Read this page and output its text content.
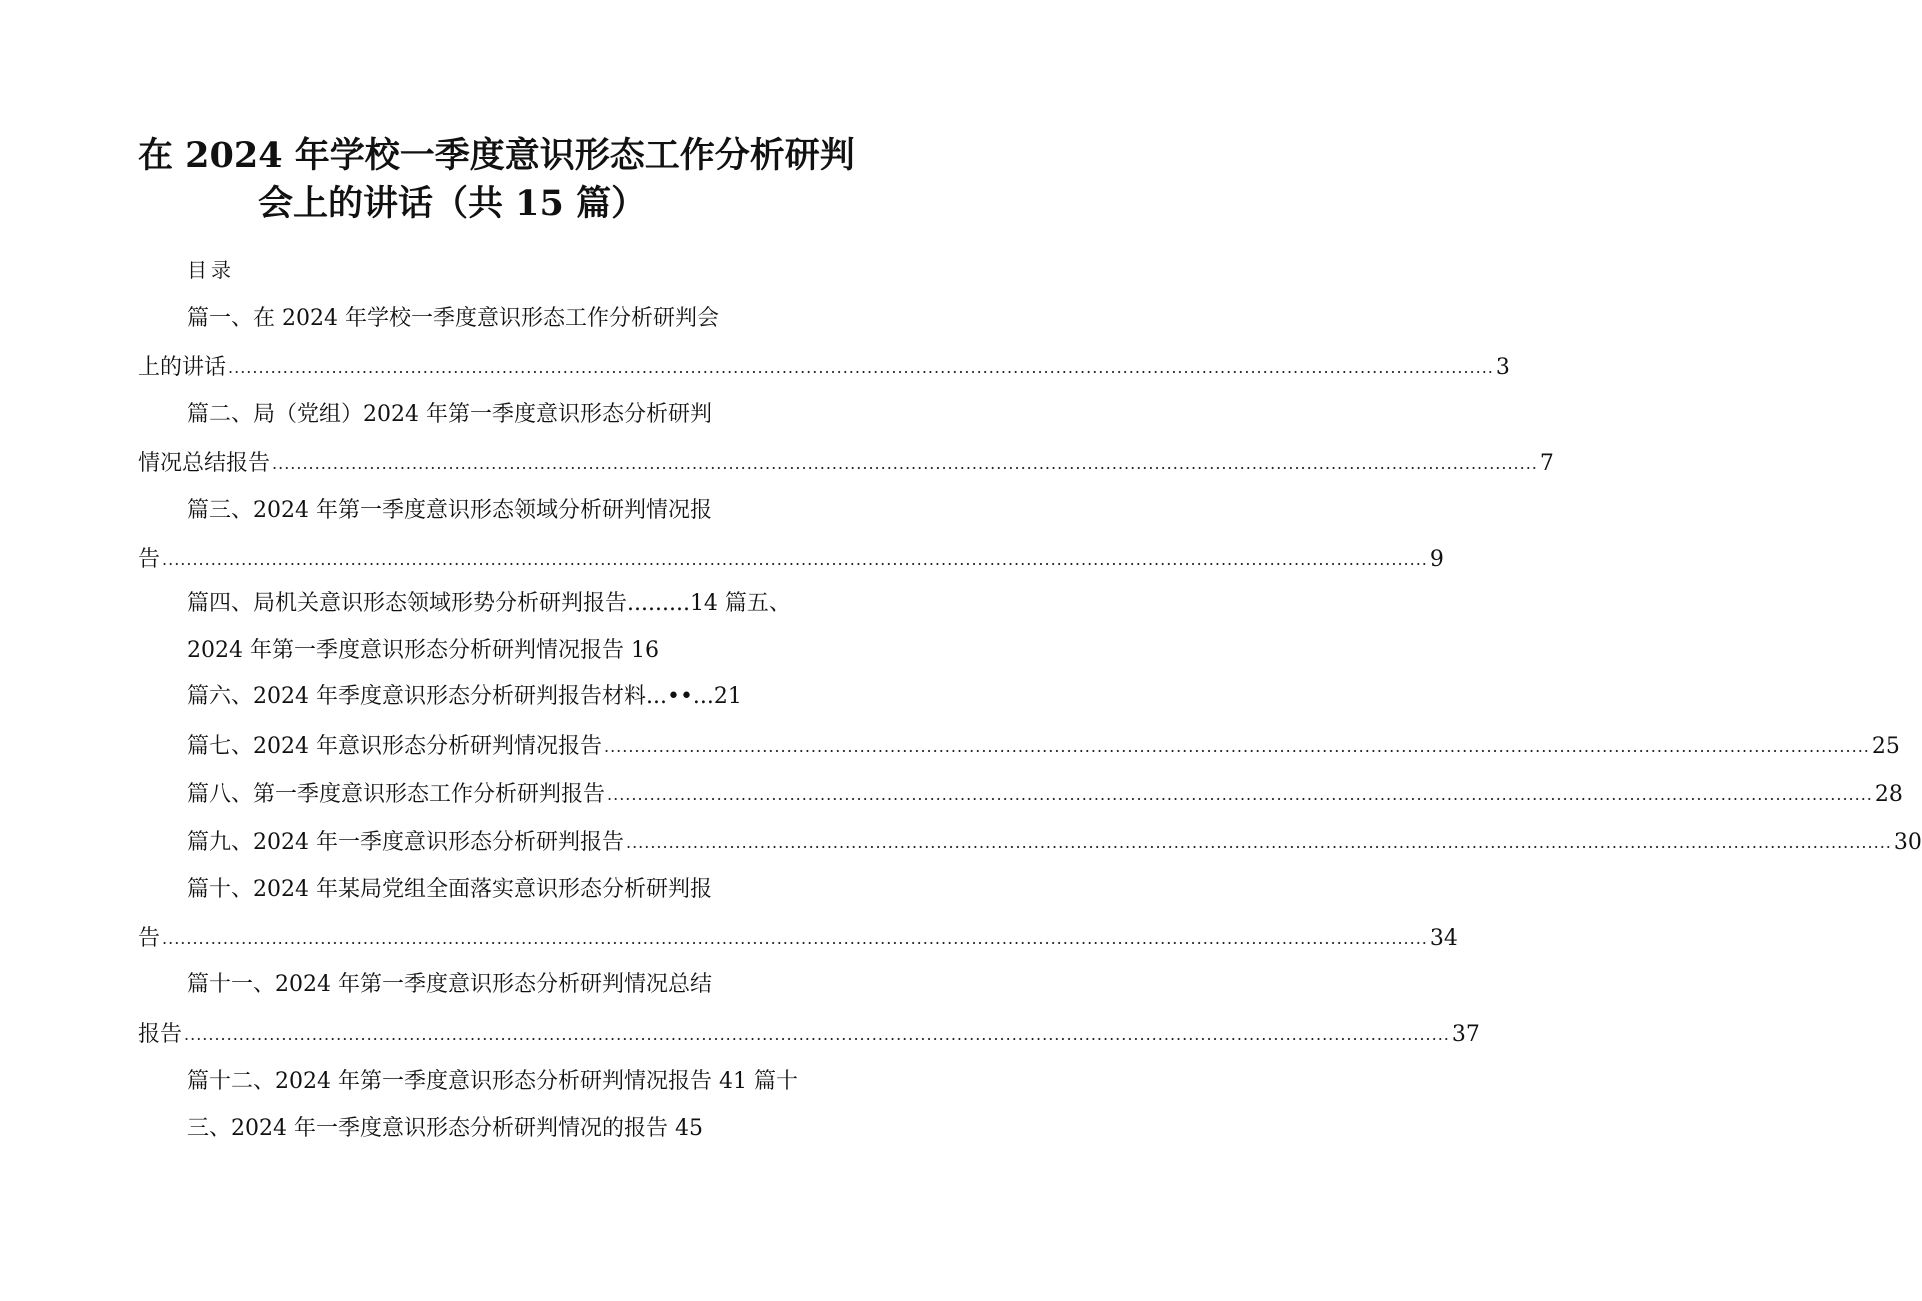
在 2024 年学校一季度意识形态工作分析研判
会上的讲话（共 15 篇）
目录
篇一、在 2024 年学校一季度意识形态工作分析研判会
上的讲话 ................................................................................................................................................................................................................ 3
篇二、局（党组）2024 年第一季度意识形态分析研判
情况总结报告 ................................................................................................................................................................................................................ 7
篇三、2024 年第一季度意识形态领域分析研判情况报
告 ................................................................................................................................................................................................................ 9
篇四、局机关意识形态领域形势分析研判报告.........14 篇五、
2024 年第一季度意识形态分析研判情况报告 16
篇六、2024 年季度意识形态分析研判报告材料...••...21
篇七、2024 年意识形态分析研判情况报告 ................................................................................................................................................................................................................ 25
篇八、第一季度意识形态工作分析研判报告 ................................................................................................................................................................................................................ 28
篇九、2024 年一季度意识形态分析研判报告 ................................................................................................................................................................................................................ 30
篇十、2024 年某局党组全面落实意识形态分析研判报
告 ................................................................................................................................................................................................................ 34
篇十一、2024 年第一季度意识形态分析研判情况总结
报告 ................................................................................................................................................................................................................ 37
篇十二、2024 年第一季度意识形态分析研判情况报告 41 篇十
三、2024 年一季度意识形态分析研判情况的报告 45
